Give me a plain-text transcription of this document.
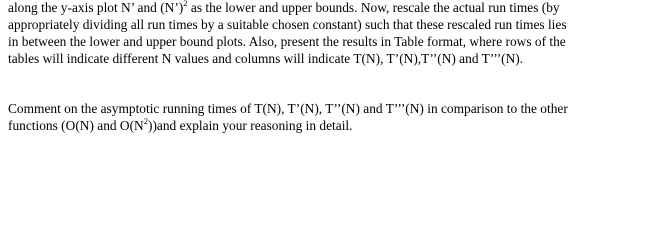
along the y-axis plot N’ and (N’)$^2$ as the lower and upper bounds. Now, rescale the actual run times (by
appropriately dividing all run times by a suitable chosen constant) such that these rescaled run times lies
in between the lower and upper bound plots. Also, present the results in Table format, where rows of the
tables will indicate different N values and columns will indicate T(N), T’(N),T’’(N) and T’’’(N).
Comment on the asymptotic running times of T(N), T’(N), T’’(N) and T’’’(N) in comparison to the other
functions (O(N) and $O(N^2))and$ explain your reasoning in detail.
